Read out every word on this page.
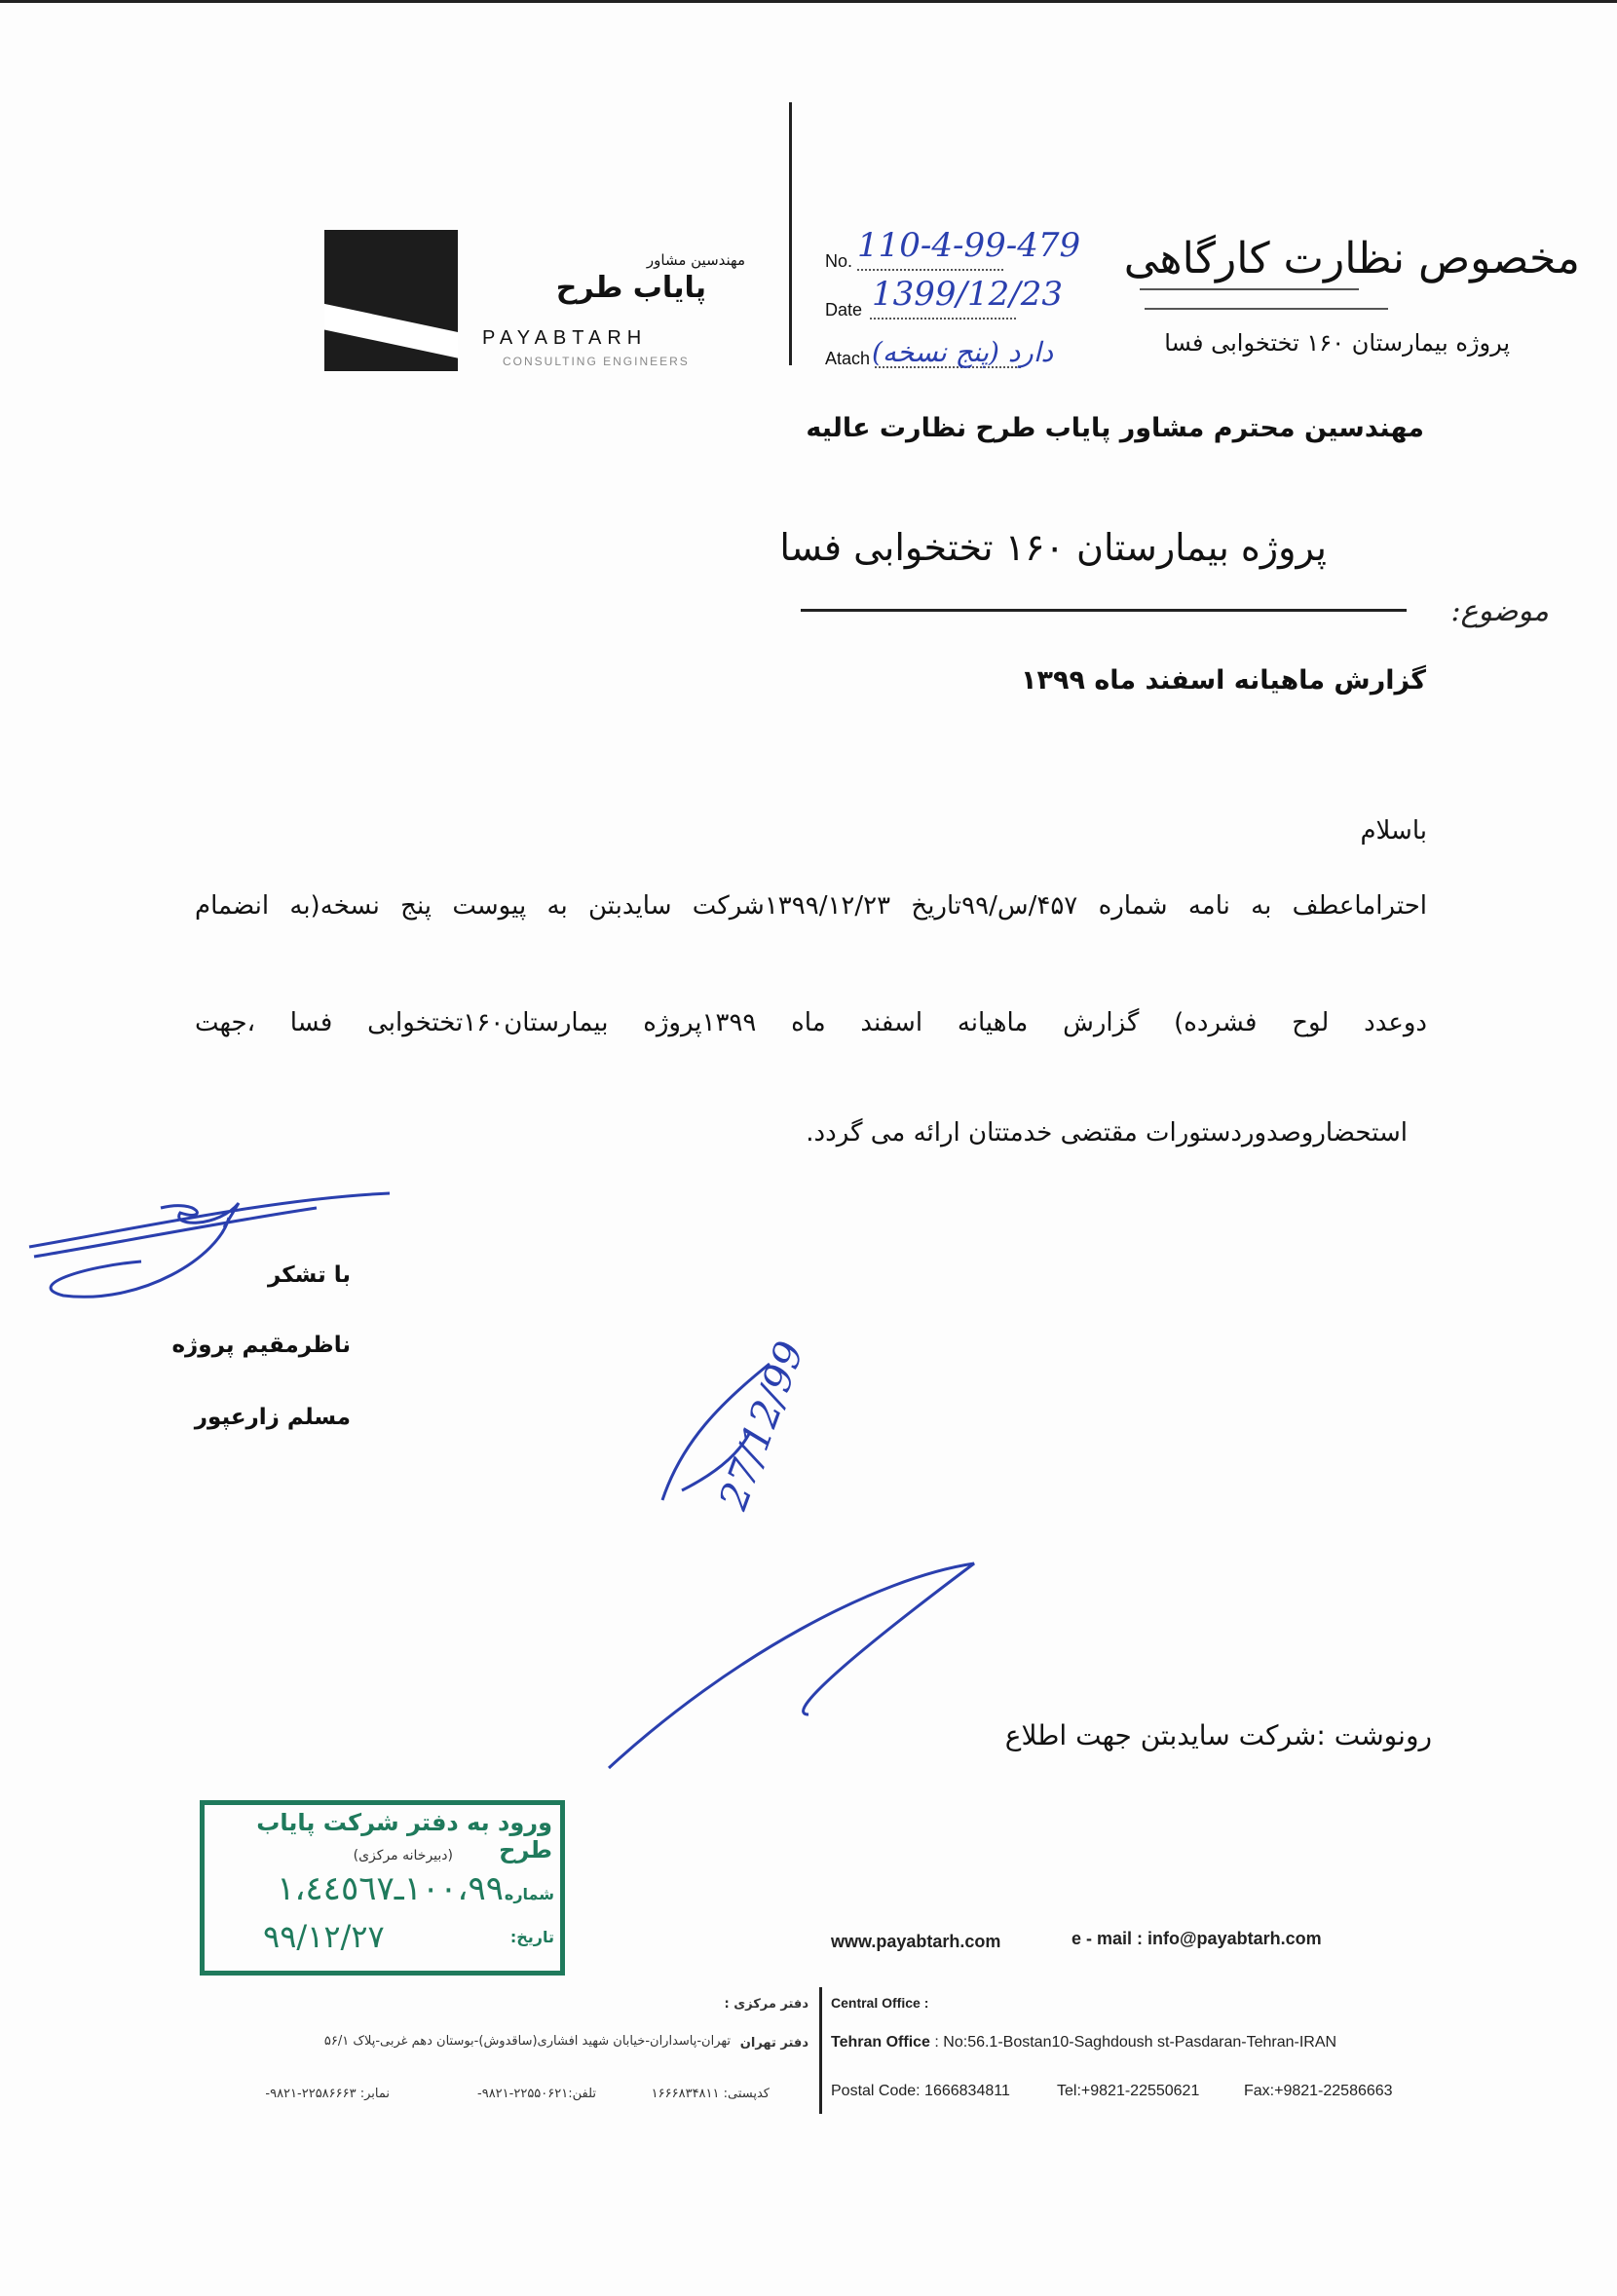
مهندسین مشاور
پایاب طرح
PAYABTARH
CONSULTING ENGINEERS
No. 110-4-99-479
Date 1399/12/23
Atach دارد (پنج نسخه)
مخصوص نظارت کارگاهی
پروژه بیمارستان ۱۶۰ تختخوابی فسا
مهندسین محترم مشاور پایاب طرح نظارت عالیه
پروژه بیمارستان ۱۶۰ تختخوابی فسا
موضوع:
گزارش ماهیانه اسفند ماه ۱۳۹۹
باسلام
احتراماعطف به نامه شماره ۴۵۷/س/۹۹تاریخ ۱۳۹۹/۱۲/۲۳شرکت سایدبتن به پیوست پنج نسخه(به انضمام
دوعدد لوح فشرده) گزارش ماهیانه اسفند ماه ۱۳۹۹پروژه بیمارستان۱۶۰تختخوابی فسا ،جهت
استحضاروصدوردستورات مقتضی خدمتتان ارائه می گردد.
با تشکر
ناظرمقیم پروژه
مسلم زارعپور	27/12/99
رونوشت :شرکت سایدبتن جهت اطلاع
ورود به دفتر شرکت پایاب طرح
(دبیرخانه مرکزی)
شماره
۱۰۰،۹۹ـ۱،٤٤٥٦٧
تاریخ:
۹۹/۱۲/۲۷	www.payabtarh.com	e - mail : info@payabtarh.com
Central Office :
Tehran Office : No:56.1-Bostan10-Saghdoush st-Pasdaran-Tehran-IRAN
Postal Code: 1666834811	Tel:+9821-22550621	Fax:+9821-22586663
دفتر مرکزی :
دفتر تهران
تهران-پاسداران-خیابان شهید افشاری(ساقدوش)-بوستان دهم غربی-پلاک ۵۶/۱
کدپستی: ۱۶۶۶۸۳۴۸۱۱
تلفن:۲۲۵۵۰۶۲۱-۹۸۲۱-
نمابر: ۲۲۵۸۶۶۶۳-۹۸۲۱-
